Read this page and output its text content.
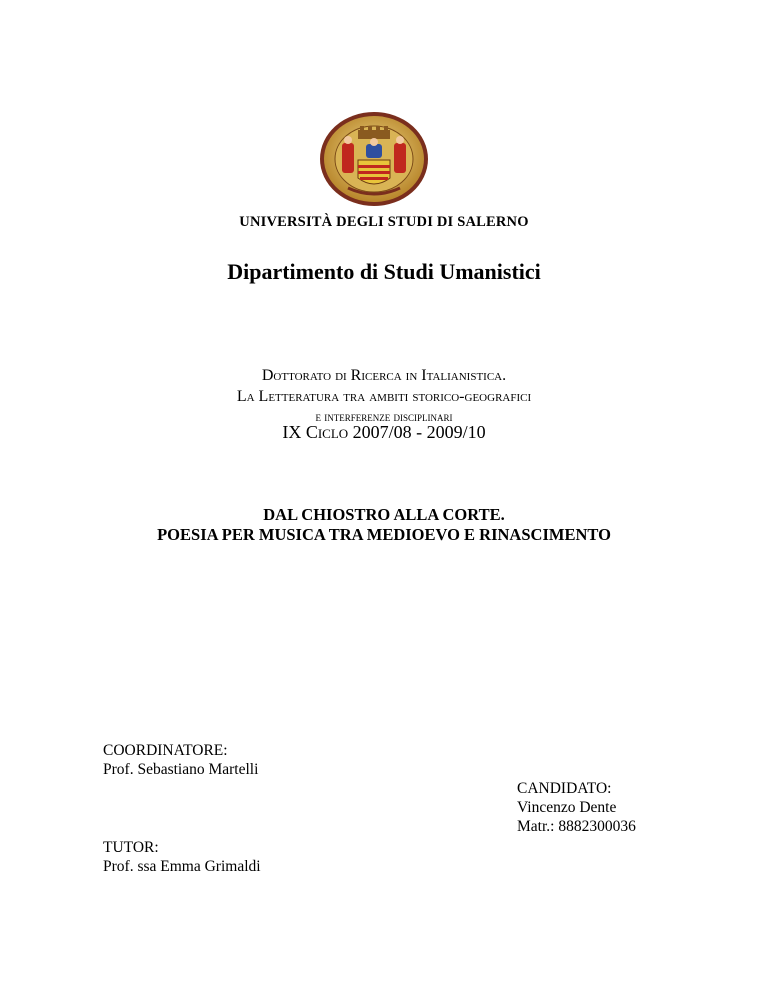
UNIVERSITÀ DEGLI STUDI DI SALERNO
Dipartimento di Studi Umanistici
Dottorato di Ricerca in Italianistica.
La Letteratura tra ambiti storico-geografici
e interferenze disciplinari
IX Ciclo 2007/08 - 2009/10
DAL CHIOSTRO ALLA CORTE.
POESIA PER MUSICA TRA MEDIOEVO E RINASCIMENTO
COORDINATORE:
Prof. Sebastiano Martelli
CANDIDATO:
Vincenzo Dente
Matr.: 8882300036
TUTOR:
Prof. ssa Emma Grimaldi
